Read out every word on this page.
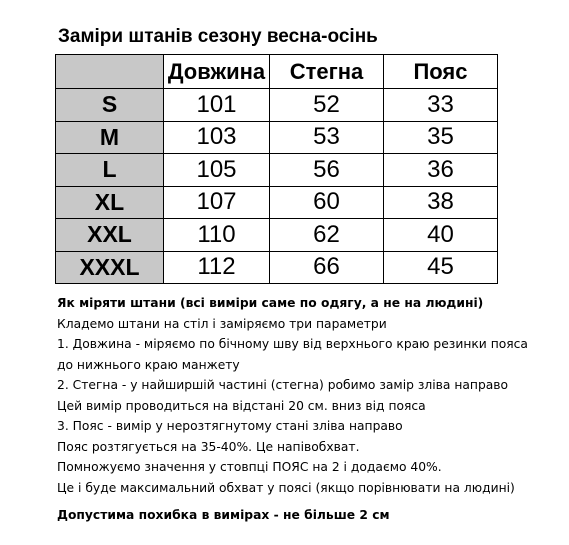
Заміри штанів сезону весна-осінь
	Довжина	Стегна	Пояс
S	101	52	33
M	103	53	35
L	105	56	36
XL	107	60	38
XXL	110	62	40
XXXL	112	66	45
Як міряти штани (всі виміри саме по одягу, а не на людині)
Кладемо штани на стіл і заміряємо три параметри
1. Довжина - міряємо по бічному шву від верхнього краю резинки пояса
до нижнього краю манжету
2. Стегна - у найширшій частині (стегна) робимо замір зліва направо
Цей вимір проводиться на відстані 20 см. вниз від пояса
3. Пояс - вимір у нерозтягнутому стані зліва направо
Пояс розтягується на 35-40%. Це напівобхват.
Помножуємо значення у стовпці ПОЯС на 2 і додаємо 40%.
Це і буде максимальний обхват у поясі (якщо порівнювати на людині)
Допустима похибка в вимірах - не більше 2 см
